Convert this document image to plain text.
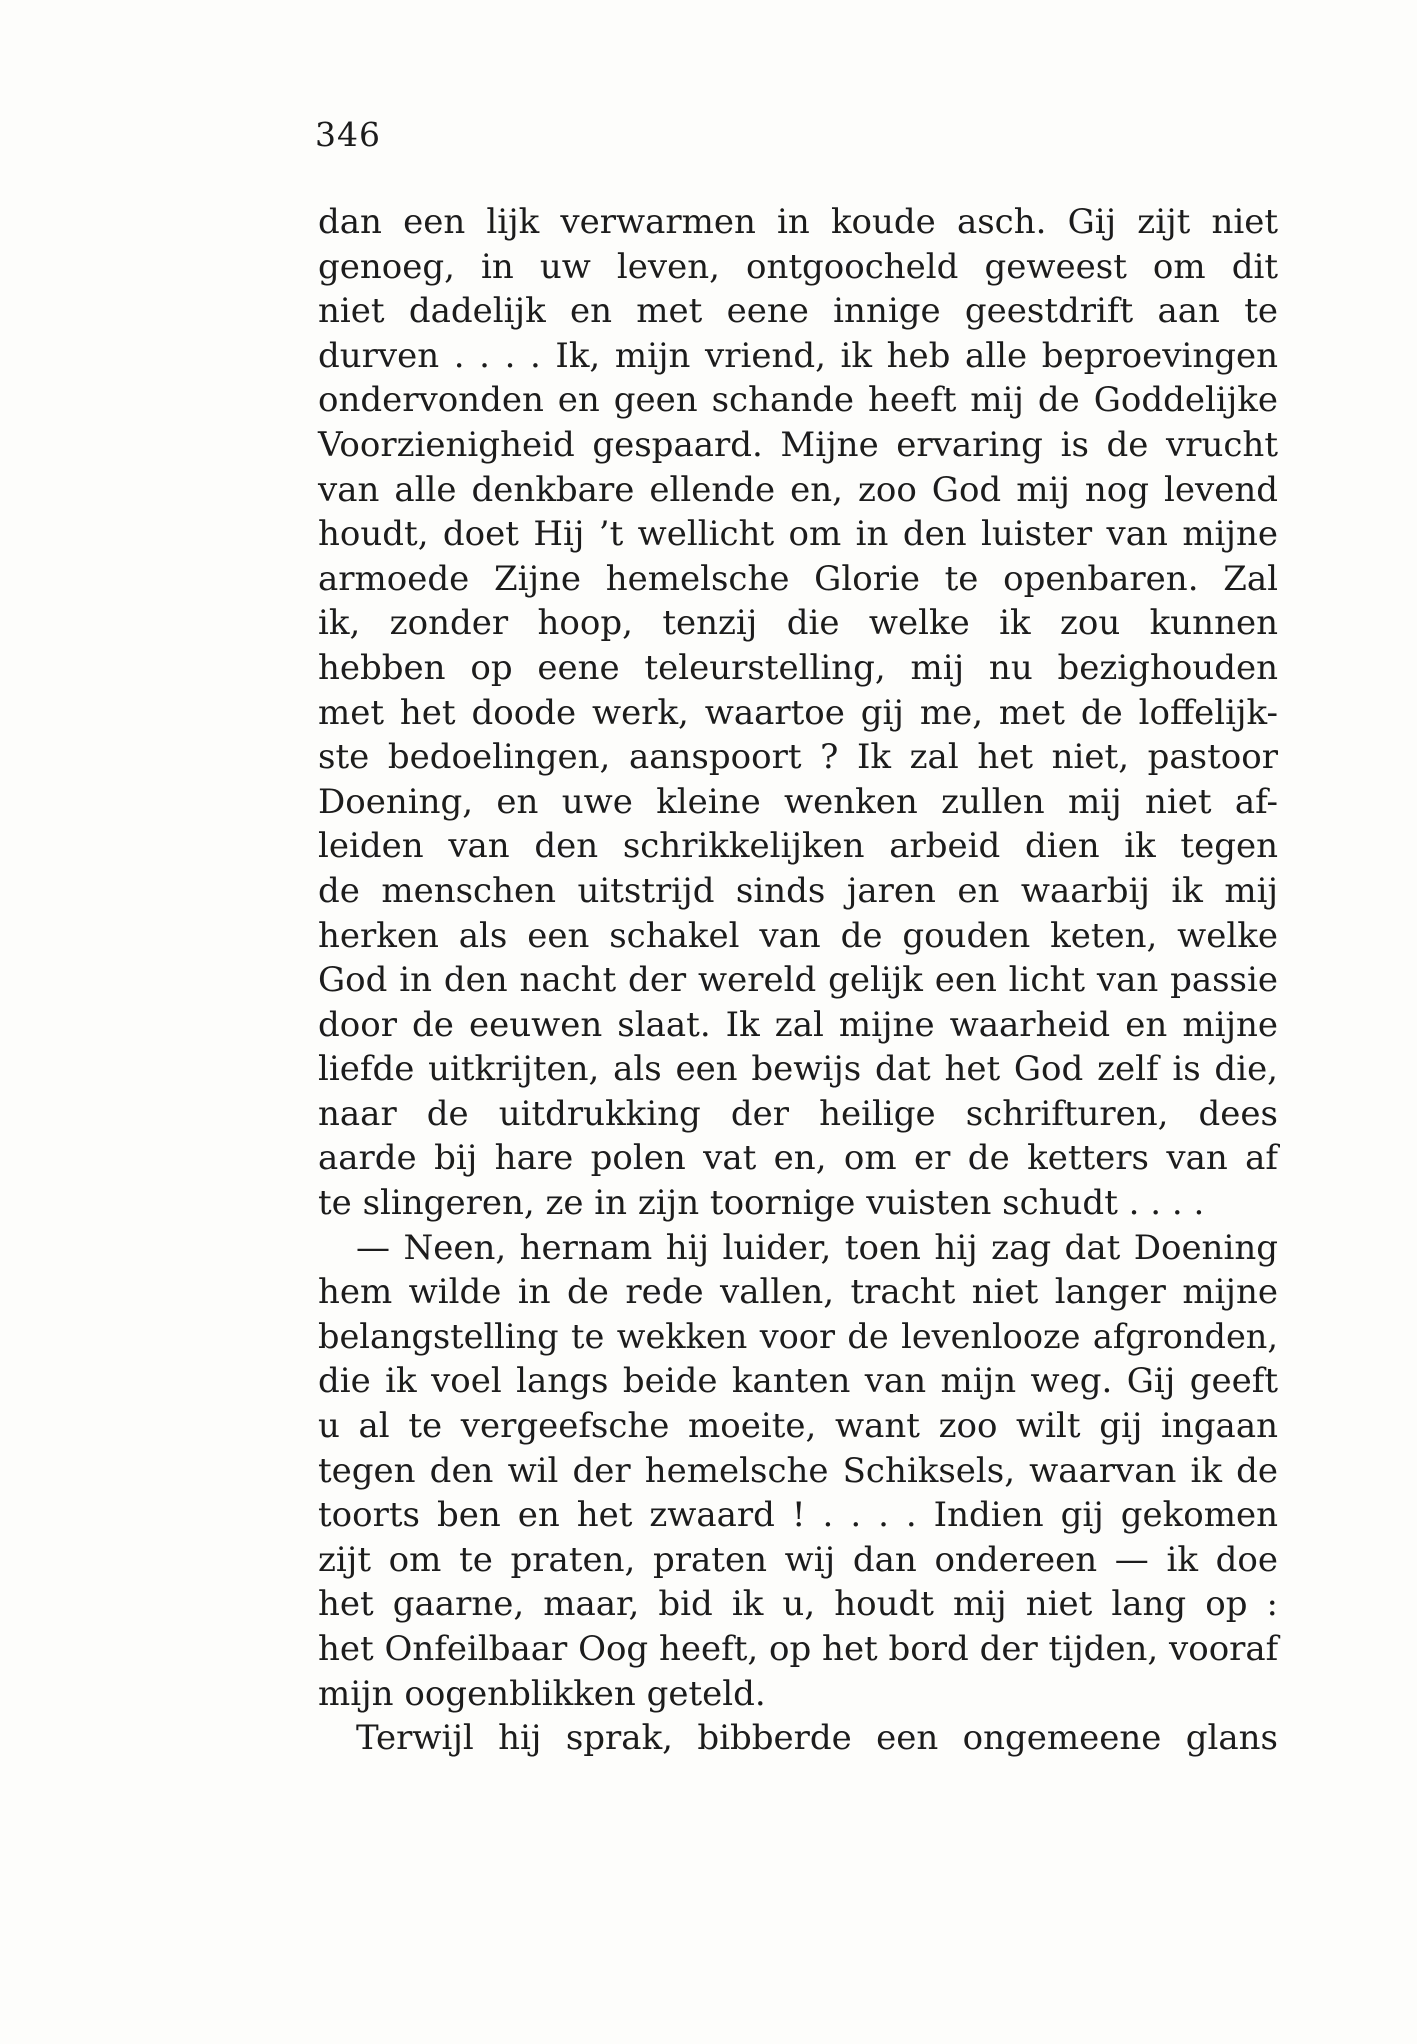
346
dan een lijk verwarmen in koude asch. Gij zijt niet
genoeg, in uw leven, ontgoocheld geweest om dit
niet dadelijk en met eene innige geestdrift aan te
durven . . . . Ik, mijn vriend, ik heb alle beproevingen
ondervonden en geen schande heeft mij de Goddelijke
Voorzienigheid gespaard. Mijne ervaring is de vrucht
van alle denkbare ellende en, zoo God mij nog levend
houdt, doet Hij ’t wellicht om in den luister van mijne
armoede Zijne hemelsche Glorie te openbaren. Zal
ik, zonder hoop, tenzij die welke ik zou kunnen
hebben op eene teleurstelling, mij nu bezighouden
met het doode werk, waartoe gij me, met de loffelijk-
ste bedoelingen, aanspoort ? Ik zal het niet, pastoor
Doening, en uwe kleine wenken zullen mij niet af-
leiden van den schrikkelijken arbeid dien ik tegen
de menschen uitstrijd sinds jaren en waarbij ik mij
herken als een schakel van de gouden keten, welke
God in den nacht der wereld gelijk een licht van passie
door de eeuwen slaat. Ik zal mijne waarheid en mijne
liefde uitkrijten, als een bewijs dat het God zelf is die,
naar de uitdrukking der heilige schrifturen, dees
aarde bij hare polen vat en, om er de ketters van af
te slingeren, ze in zijn toornige vuisten schudt . . . .
— Neen, hernam hij luider, toen hij zag dat Doening
hem wilde in de rede vallen, tracht niet langer mijne
belangstelling te wekken voor de levenlooze afgronden,
die ik voel langs beide kanten van mijn weg. Gij geeft
u al te vergeefsche moeite, want zoo wilt gij ingaan
tegen den wil der hemelsche Schiksels, waarvan ik de
toorts ben en het zwaard ! . . . . Indien gij gekomen
zijt om te praten, praten wij dan ondereen — ik doe
het gaarne, maar, bid ik u, houdt mij niet lang op :
het Onfeilbaar Oog heeft, op het bord der tijden, vooraf
mijn oogenblikken geteld.
Terwijl hij sprak, bibberde een ongemeene glans
